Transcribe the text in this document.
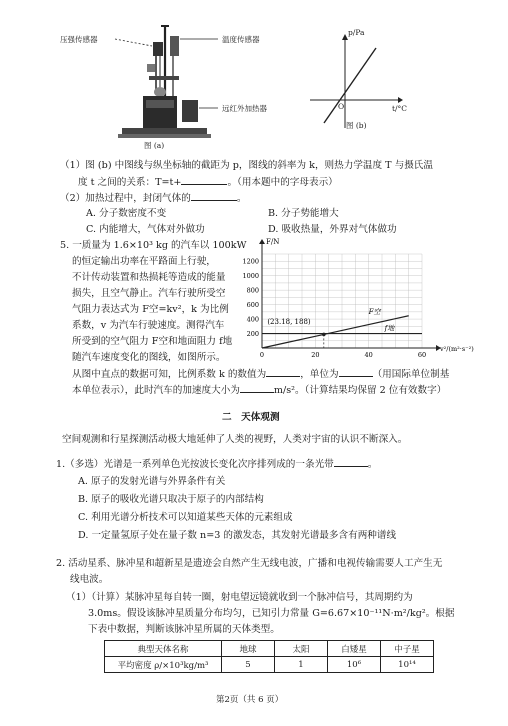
压强传感器	温度传感器
远红外加热器
图 (a)
p/Pa
O	t/°C
图 (b)
（1）图 (b) 中图线与纵坐标轴的截距为 p，图线的斜率为 k，则热力学温度 T 与摄氏温
度 t 之间的关系：T=t+	。（用本题中的字母表示）
（2）加热过程中，封闭气体的	。
A. 分子数密度不变	B. 分子势能增大
C. 内能增大，气体对外做功	D. 吸收热量，外界对气体做功
5. 一质量为 1.6×10³ kg 的汽车以 100kW
的恒定输出功率在平路面上行驶，
不计传动装置和热损耗等造成的能量
损失，且空气静止。汽车行驶所受空
气阻力表达式为 F空=kv²，k 为比例
系数，v 为汽车行驶速度。测得汽车
所受到的空气阻力 F空和地面阻力 f地
随汽车速度变化的图线，如图所示。
从图中直点的数据可知，比例系数 k 的数值为	，单位为	（用国际单位制基
本单位表示），此时汽车的加速度大小为	m/s²。（计算结果均保留 2 位有效数字）
200
400
600
800
1000
1200
0	20	40	60
F/N
v²/(m²·s⁻²)
F空
f地
(23.18, 188)
二　天体观测
空间观测和行星探测活动极大地延伸了人类的视野，人类对宇宙的认识不断深入。
1.（多选）光谱是一系列单色光按波长变化次序排列成的一条光带	。
A. 原子的发射光谱与外界条件有关
B. 原子的吸收光谱只取决于原子的内部结构
C. 利用光谱分析技术可以知道某些天体的元素组成
D. 一定量氢原子处在量子数 n=3 的激发态，其发射光谱最多含有两种谱线
2. 活动星系、脉冲星和超新星是遗迹会自然产生无线电波，广播和电视传输需要人工产生无
线电波。
（1）（计算）某脉冲星每自转一圈，射电望远镜就收到一个脉冲信号，其周期约为
3.0ms。假设该脉冲星质量分布均匀，已知引力常量 G=6.67×10⁻¹¹N·m²/kg²。根据
下表中数据，判断该脉冲星所属的天体类型。
典型天体名称	地球	太阳	白矮星	中子星
平均密度 ρ/×10³kg/m³	5	1	10⁶	10¹⁴
第2页（共 6 页）
